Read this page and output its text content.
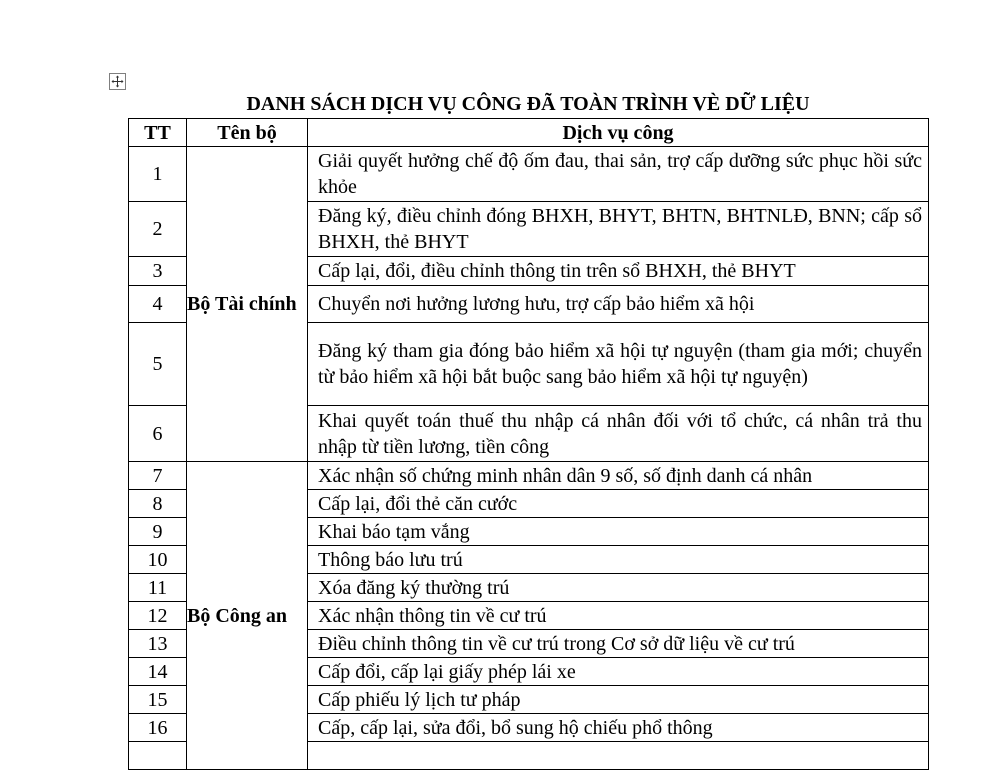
DANH SÁCH DỊCH VỤ CÔNG ĐÃ TOÀN TRÌNH VÈ DỮ LIỆU
TT	Tên bộ	Dịch vụ công
1	Bộ Tài chính	Giải quyết hưởng chế độ ốm đau, thai sản, trợ cấp dưỡng sức phục hồi sức khỏe
2		Đăng ký, điều chỉnh đóng BHXH, BHYT, BHTN, BHTNLĐ, BNN; cấp sổ BHXH, thẻ BHYT
3		Cấp lại, đổi, điều chỉnh thông tin trên sổ BHXH, thẻ BHYT
4		Chuyển nơi hưởng lương hưu, trợ cấp bảo hiểm xã hội
5		Đăng ký tham gia đóng bảo hiểm xã hội tự nguyện (tham gia mới; chuyển từ bảo hiểm xã hội bắt buộc sang bảo hiểm xã hội tự nguyện)
6		Khai quyết toán thuế thu nhập cá nhân đối với tổ chức, cá nhân trả thu nhập từ tiền lương, tiền công
7	Bộ Công an	Xác nhận số chứng minh nhân dân 9 số, số định danh cá nhân
8		Cấp lại, đổi thẻ căn cước
9		Khai báo tạm vắng
10		Thông báo lưu trú
11		Xóa đăng ký thường trú
12		Xác nhận thông tin về cư trú
13		Điều chỉnh thông tin về cư trú trong Cơ sở dữ liệu về cư trú
14		Cấp đổi, cấp lại giấy phép lái xe
15		Cấp phiếu lý lịch tư pháp
16		Cấp, cấp lại, sửa đổi, bổ sung hộ chiếu phổ thông
